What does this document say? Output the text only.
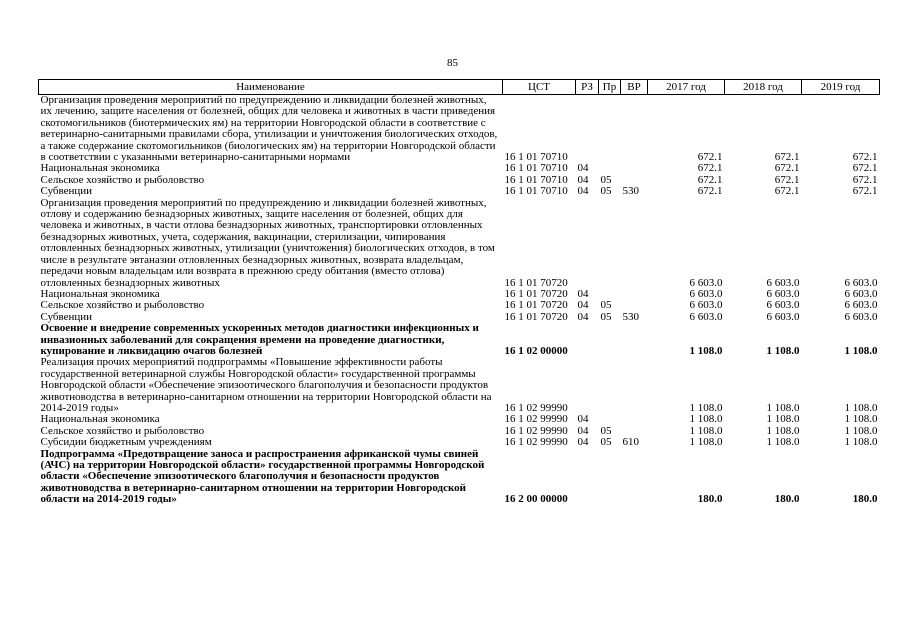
85
Наименование	ЦСТ	РЗ	Пр	ВР	2017 год	2018 год	2019 год
Организация проведения мероприятий по предупреждению и ликвидации болезней животных, их лечению, защите населения от болезней, общих для человека и животных в части приведения скотомогильников (биотермических ям) на территории Новгородской области в соответствие с ветеринарно-санитарными правилами сбора, утилизации и уничтожения биологических отходов, а также содержание скотомогильников (биологических ям) на территории Новгородской области в соответствии с указанными ветеринарно-санитарными нормами	16 1 01 70710				672.1	672.1	672.1
Национальная экономика	16 1 01 70710	04			672.1	672.1	672.1
Сельское хозяйство и рыболовство	16 1 01 70710	04	05		672.1	672.1	672.1
Субвенции	16 1 01 70710	04	05	530	672.1	672.1	672.1
Организация проведения мероприятий по предупреждению и ликвидации болезней животных, отлову и содержанию безнадзорных животных, защите населения от болезней, общих для человека и животных, в части отлова безнадзорных животных, транспортировки отловленных безнадзорных животных, учета, содержания, вакцинации, стерилизации, чипирования отловленных безнадзорных животных, утилизации (уничтожения) биологических отходов, в том числе в результате эвтаназии отловленных безнадзорных животных, возврата владельцам, передачи новым владельцам или возврата в прежнюю среду обитания (вместо отлова) отловленных безнадзорных животных	16 1 01 70720				6 603.0	6 603.0	6 603.0
Национальная экономика	16 1 01 70720	04			6 603.0	6 603.0	6 603.0
Сельское хозяйство и рыболовство	16 1 01 70720	04	05		6 603.0	6 603.0	6 603.0
Субвенции	16 1 01 70720	04	05	530	6 603.0	6 603.0	6 603.0
Освоение и внедрение современных ускоренных методов диагностики инфекционных и инвазионных заболеваний для сокращения времени на проведение диагностики, купирование и ликвидацию очагов болезней	16 1 02 00000				1 108.0	1 108.0	1 108.0
Реализация прочих мероприятий подпрограммы «Повышение эффективности работы государственной ветеринарной службы Новгородской области» государственной программы Новгородской области «Обеспечение эпизоотического благополучия и безопасности продуктов животноводства в ветеринарно-санитарном отношении на территории Новгородской области на 2014-2019 годы»	16 1 02 99990				1 108.0	1 108.0	1 108.0
Национальная экономика	16 1 02 99990	04			1 108.0	1 108.0	1 108.0
Сельское хозяйство и рыболовство	16 1 02 99990	04	05		1 108.0	1 108.0	1 108.0
Субсидии бюджетным учреждениям	16 1 02 99990	04	05	610	1 108.0	1 108.0	1 108.0
Подпрограмма «Предотвращение заноса и распространения африканской чумы свиней (АЧС) на территории Новгородской области» государственной программы Новгородской области «Обеспечение эпизоотического благополучия и безопасности продуктов животноводства в ветеринарно-санитарном отношении на территории Новгородской области на 2014-2019 годы»	16 2 00 00000				180.0	180.0	180.0
